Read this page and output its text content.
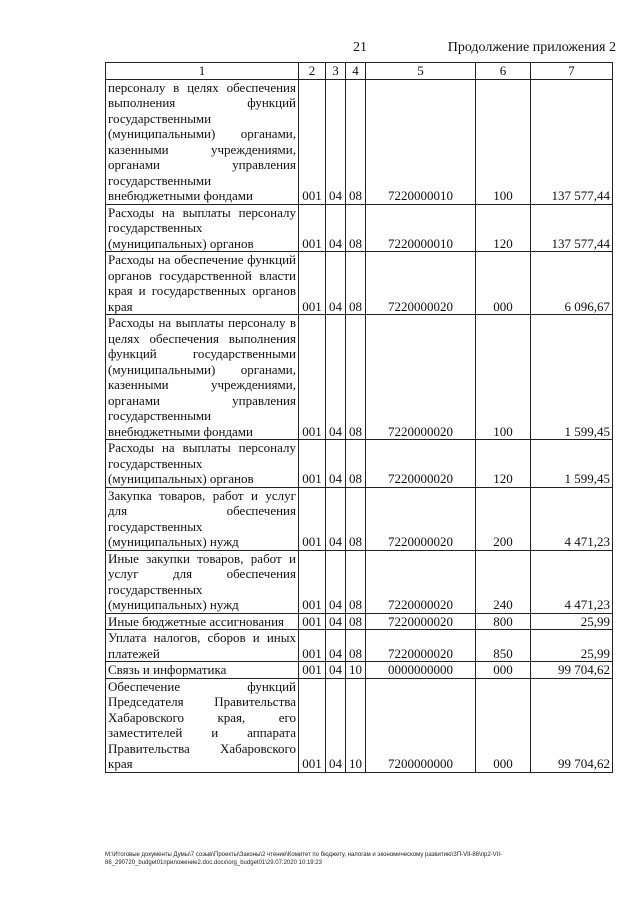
21	Продолжение приложения 2
1	2	3	4	5	6	7
персоналу в целях обеспечения выполнения функций государственными (муниципальными) органами, казенными учреждениями, органами управления государственными внебюджетными фондами	001	04	08	7220000010	100	137 577,44
Расходы на выплаты персоналу государственных (муниципальных) органов	001	04	08	7220000010	120	137 577,44
Расходы на обеспечение функций органов государственной власти края и государственных органов края	001	04	08	7220000020	000	6 096,67
Расходы на выплаты персоналу в целях обеспечения выполнения функций государственными (муниципальными) органами, казенными учреждениями, органами управления государственными внебюджетными фондами	001	04	08	7220000020	100	1 599,45
Расходы на выплаты персоналу государственных (муниципальных) органов	001	04	08	7220000020	120	1 599,45
Закупка товаров, работ и услуг для обеспечения государственных (муниципальных) нужд	001	04	08	7220000020	200	4 471,23
Иные закупки товаров, работ и услуг для обеспечения государственных (муниципальных) нужд	001	04	08	7220000020	240	4 471,23
Иные бюджетные ассигнования	001	04	08	7220000020	800	25,99
Уплата налогов, сборов и иных платежей	001	04	08	7220000020	850	25,99
Связь и информатика	001	04	10	0000000000	000	99 704,62
Обеспечение функций Председателя Правительства Хабаровского края, его заместителей и аппарата Правительства Хабаровского края	001	04	10	7200000000	000	99 704,62
M:\Итоговые документы Думы\7 созыв\Проекты\Законы\2 чтение\Комитет по бюджету, налогам и экономическому развитию\ЗП-VII-86\пр2-VII-86_290720_budget01приложение2.doc.docx\org_budget01\29.07.2020 10:19:23
